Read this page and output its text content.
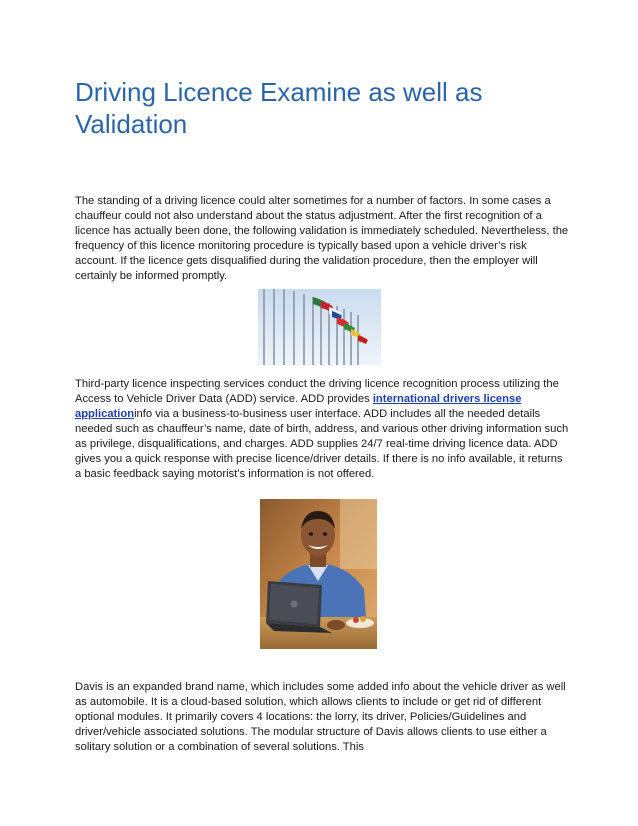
Driving Licence Examine as well as Validation

The standing of a driving licence could alter sometimes for a number of factors. In some cases a chauffeur could not also understand about the status adjustment. After the first recognition of a licence has actually been done, the following validation is immediately scheduled. Nevertheless, the frequency of this licence monitoring procedure is typically based upon a vehicle driver’s risk account. If the licence gets disqualified during the validation procedure, then the employer will certainly be informed promptly.

Third-party licence inspecting services conduct the driving licence recognition process utilizing the Access to Vehicle Driver Data (ADD) service. ADD provides international drivers license applicationinfo via a business-to-business user interface. ADD includes all the needed details needed such as chauffeur’s name, date of birth, address, and various other driving information such as privilege, disqualifications, and charges. ADD supplies 24/7 real-time driving licence data. ADD gives you a quick response with precise licence/driver details. If there is no info available, it returns a basic feedback saying motorist’s information is not offered.

Davis is an expanded brand name, which includes some added info about the vehicle driver as well as automobile. It is a cloud-based solution, which allows clients to include or get rid of different optional modules. It primarily covers 4 locations: the lorry, its driver, Policies/Guidelines and driver/vehicle associated solutions. The modular structure of Davis allows clients to use either a solitary solution or a combination of several solutions. This
